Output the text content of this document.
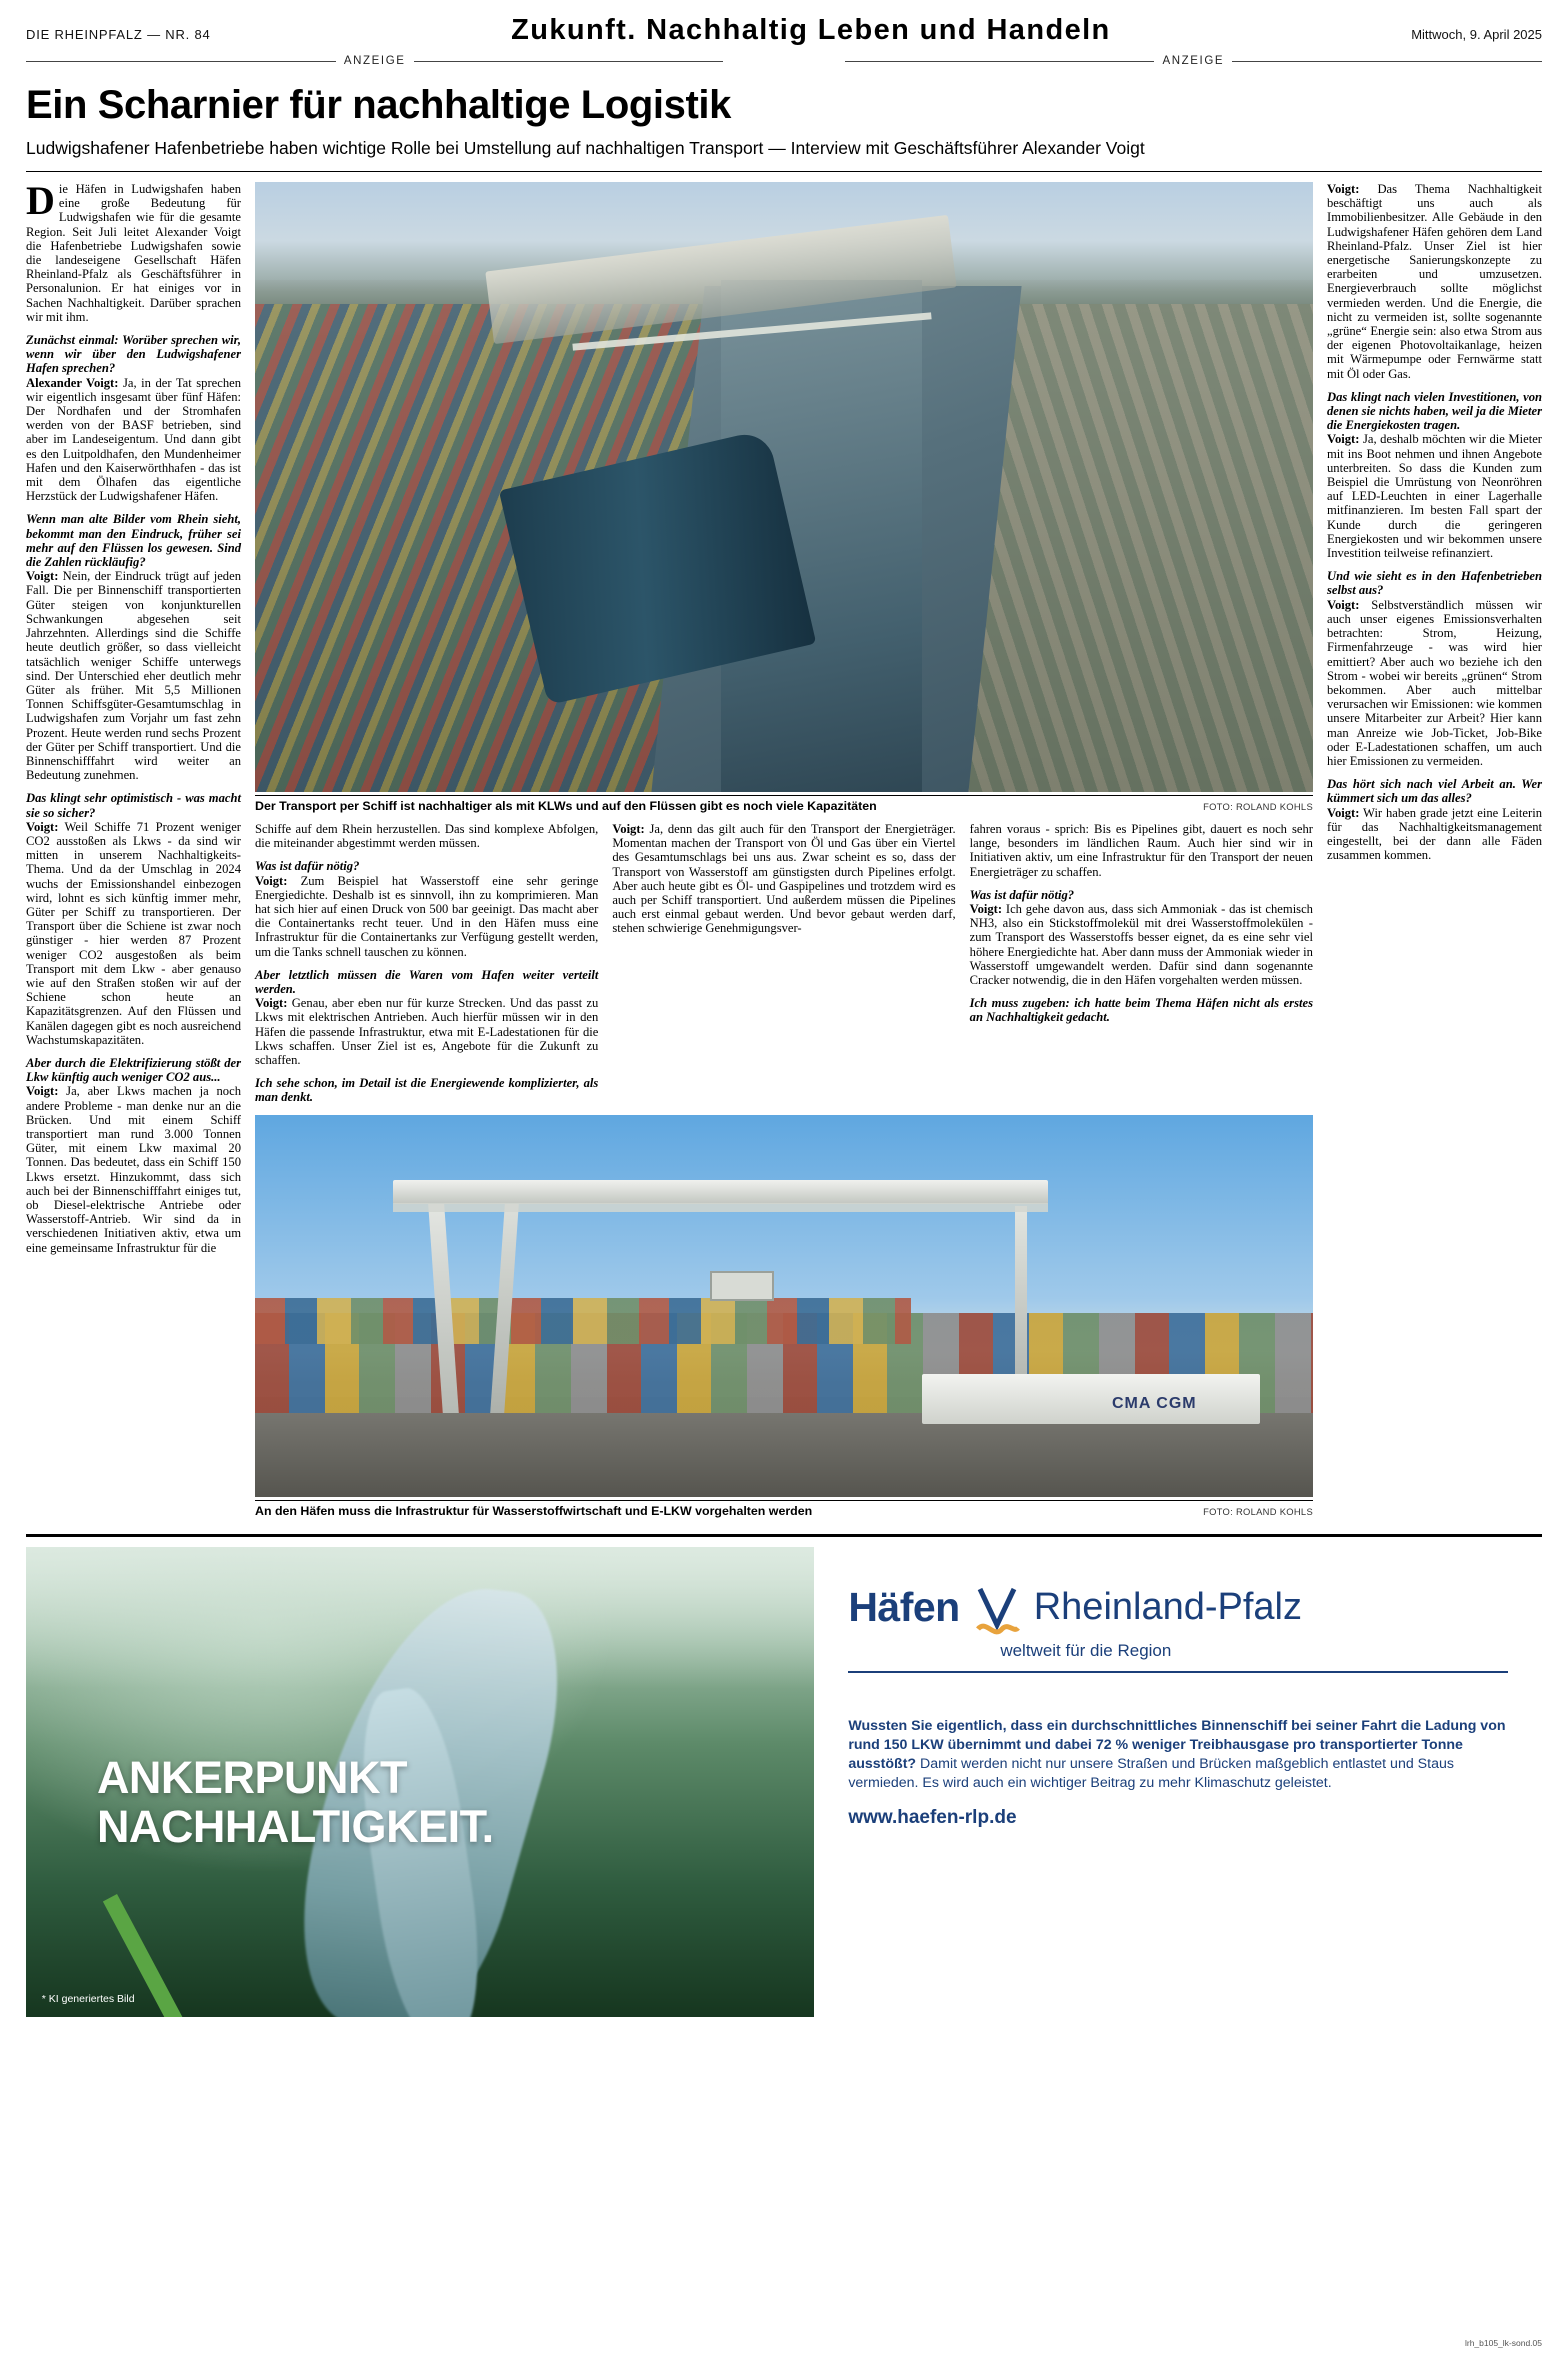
DIE RHEINPFALZ — NR. 84	Zukunft. Nachhaltig Leben und Handeln	Mittwoch, 9. April 2025
ANZEIGE	ANZEIGE
Ein Scharnier für nachhaltige Logistik
Ludwigshafener Hafenbetriebe haben wichtige Rolle bei Umstellung auf nachhaltigen Transport — Interview mit Geschäftsführer Alexander Voigt
Die Häfen in Ludwigshafen haben eine große Bedeutung für Ludwigshafen wie für die gesamte Region. Seit Juli leitet Alexander Voigt die Hafenbetriebe Ludwigshafen sowie die landeseigene Gesellschaft Häfen Rheinland-Pfalz als Geschäftsführer in Personalunion. Er hat einiges vor in Sachen Nachhaltigkeit. Darüber sprachen wir mit ihm.
Zunächst einmal: Worüber sprechen wir, wenn wir über den Ludwigshafener Hafen sprechen?
Alexander Voigt: Ja, in der Tat sprechen wir eigentlich insgesamt über fünf Häfen: Der Nordhafen und der Stromhafen werden von der BASF betrieben, sind aber im Landeseigentum. Und dann gibt es den Luitpoldhafen, den Mundenheimer Hafen und den Kaiserwörthhafen - das ist mit dem Ölhafen das eigentliche Herzstück der Ludwigshafener Häfen.
Wenn man alte Bilder vom Rhein sieht, bekommt man den Eindruck, früher sei mehr auf den Flüssen los gewesen. Sind die Zahlen rückläufig?
Voigt: Nein, der Eindruck trügt auf jeden Fall. Die per Binnenschiff transportierten Güter steigen von konjunkturellen Schwankungen abgesehen seit Jahrzehnten. Allerdings sind die Schiffe heute deutlich größer, so dass vielleicht tatsächlich weniger Schiffe unterwegs sind. Der Unterschied eher deutlich mehr Güter als früher. Mit 5,5 Millionen Tonnen Schiffsgüter-Gesamtumschlag in Ludwigshafen zum Vorjahr um fast zehn Prozent. Heute werden rund sechs Prozent der Güter per Schiff transportiert. Und die Binnenschifffahrt wird weiter an Bedeutung zunehmen.
Das klingt sehr optimistisch - was macht sie so sicher?
Voigt: Weil Schiffe 71 Prozent weniger CO2 ausstoßen als Lkws - da sind wir mitten in unserem Nachhaltigkeits-Thema. Und da der Umschlag in 2024 wuchs der Emissionshandel einbezogen wird, lohnt es sich künftig immer mehr, Güter per Schiff zu transportieren. Der Transport über die Schiene ist zwar noch günstiger - hier werden 87 Prozent weniger CO2 ausgestoßen als beim Transport mit dem Lkw - aber genauso wie auf den Straßen stoßen wir auf der Schiene schon heute an Kapazitätsgrenzen. Auf den Flüssen und Kanälen dagegen gibt es noch ausreichend Wachstumskapazitäten.
Aber durch die Elektrifizierung stößt der Lkw künftig auch weniger CO2 aus...
Voigt: Ja, aber Lkws machen ja noch andere Probleme - man denke nur an die Brücken. Und mit einem Schiff transportiert man rund 3.000 Tonnen Güter, mit einem Lkw maximal 20 Tonnen. Das bedeutet, dass ein Schiff 150 Lkws ersetzt. Hinzukommt, dass sich auch bei der Binnenschifffahrt einiges tut, ob Diesel-elektrische Antriebe oder Wasserstoff-Antrieb. Wir sind da in verschiedenen Initiativen aktiv, etwa um eine gemeinsame Infrastruktur für die
Der Transport per Schiff ist nachhaltiger als mit KLWs und auf den Flüssen gibt es noch viele Kapazitäten	FOTO: ROLAND KOHLS
Schiffe auf dem Rhein herzustellen. Das sind komplexe Abfolgen, die miteinander abgestimmt werden müssen.
Was ist dafür nötig?
Voigt: Zum Beispiel hat Wasserstoff eine sehr geringe Energiedichte. Deshalb ist es sinnvoll, ihn zu komprimieren. Man hat sich hier auf einen Druck von 500 bar geeinigt. Das macht aber die Containertanks recht teuer. Und in den Häfen muss eine Infrastruktur für die Containertanks zur Verfügung gestellt werden, um die Tanks schnell tauschen zu können.
Aber letztlich müssen die Waren vom Hafen weiter verteilt werden.
Voigt: Genau, aber eben nur für kurze Strecken. Und das passt zu Lkws mit elektrischen Antrieben. Auch hierfür müssen wir in den Häfen die passende Infrastruktur, etwa mit E-Ladestationen für die Lkws schaffen. Unser Ziel ist es, Angebote für die Zukunft zu schaffen.
Ich sehe schon, im Detail ist die Energiewende komplizierter, als man denkt.
Voigt: Ja, denn das gilt auch für den Transport der Energieträger. Momentan machen der Transport von Öl und Gas über ein Viertel des Gesamtumschlags bei uns aus. Zwar scheint es so, dass der Transport von Wasserstoff am günstigsten durch Pipelines erfolgt. Aber auch heute gibt es Öl- und Gaspipelines und trotzdem wird es auch per Schiff transportiert. Und außerdem müssen die Pipelines auch erst einmal gebaut werden. Und bevor gebaut werden darf, stehen schwierige Genehmigungsver-
fahren voraus - sprich: Bis es Pipelines gibt, dauert es noch sehr lange, besonders im ländlichen Raum. Auch hier sind wir in Initiativen aktiv, um eine Infrastruktur für den Transport der neuen Energieträger zu schaffen.
Was ist dafür nötig?
Voigt: Ich gehe davon aus, dass sich Ammoniak - das ist chemisch NH3, also ein Stickstoffmolekül mit drei Wasserstoffmolekülen - zum Transport des Wasserstoffs besser eignet, da es eine sehr viel höhere Energiedichte hat. Aber dann muss der Ammoniak wieder in Wasserstoff umgewandelt werden. Dafür sind dann sogenannte Cracker notwendig, die in den Häfen vorgehalten werden müssen.
Ich muss zugeben: ich hatte beim Thema Häfen nicht als erstes an Nachhaltigkeit gedacht.
CMA CGM
An den Häfen muss die Infrastruktur für Wasserstoffwirtschaft und E-LKW vorgehalten werden	FOTO: ROLAND KOHLS
Voigt: Das Thema Nachhaltigkeit beschäftigt uns auch als Immobilienbesitzer. Alle Gebäude in den Ludwigshafener Häfen gehören dem Land Rheinland-Pfalz. Unser Ziel ist hier energetische Sanierungskonzepte zu erarbeiten und umzusetzen. Energieverbrauch sollte möglichst vermieden werden. Und die Energie, die nicht zu vermeiden ist, sollte sogenannte „grüne“ Energie sein: also etwa Strom aus der eigenen Photovoltaikanlage, heizen mit Wärmepumpe oder Fernwärme statt mit Öl oder Gas.
Das klingt nach vielen Investitionen, von denen sie nichts haben, weil ja die Mieter die Energiekosten tragen.
Voigt: Ja, deshalb möchten wir die Mieter mit ins Boot nehmen und ihnen Angebote unterbreiten. So dass die Kunden zum Beispiel die Umrüstung von Neonröhren auf LED-Leuchten in einer Lagerhalle mitfinanzieren. Im besten Fall spart der Kunde durch die geringeren Energiekosten und wir bekommen unsere Investition teilweise refinanziert.
Und wie sieht es in den Hafenbetrieben selbst aus?
Voigt: Selbstverständlich müssen wir auch unser eigenes Emissionsverhalten betrachten: Strom, Heizung, Firmenfahrzeuge - was wird hier emittiert? Aber auch wo beziehe ich den Strom - wobei wir bereits „grünen“ Strom bekommen. Aber auch mittelbar verursachen wir Emissionen: wie kommen unsere Mitarbeiter zur Arbeit? Hier kann man Anreize wie Job-Ticket, Job-Bike oder E-Ladestationen schaffen, um auch hier Emissionen zu vermeiden.
Das hört sich nach viel Arbeit an. Wer kümmert sich um das alles?
Voigt: Wir haben grade jetzt eine Leiterin für das Nachhaltigkeitsmanagement eingestellt, bei der dann alle Fäden zusammen kommen.
ANKERPUNKT
NACHHALTIGKEIT.
* KI generiertes Bild
Häfen Rheinland-Pfalz
weltweit für die Region
Wussten Sie eigentlich, dass ein durchschnittliches Binnenschiff bei seiner Fahrt die Ladung von rund 150 LKW übernimmt und dabei 72 % weniger Treibhausgase pro transportierter Tonne ausstößt? Damit werden nicht nur unsere Straßen und Brücken maßgeblich entlastet und Staus vermieden. Es wird auch ein wichtiger Beitrag zu mehr Klimaschutz geleistet.
www.haefen-rlp.de
lrh_b105_lk-sond.05
